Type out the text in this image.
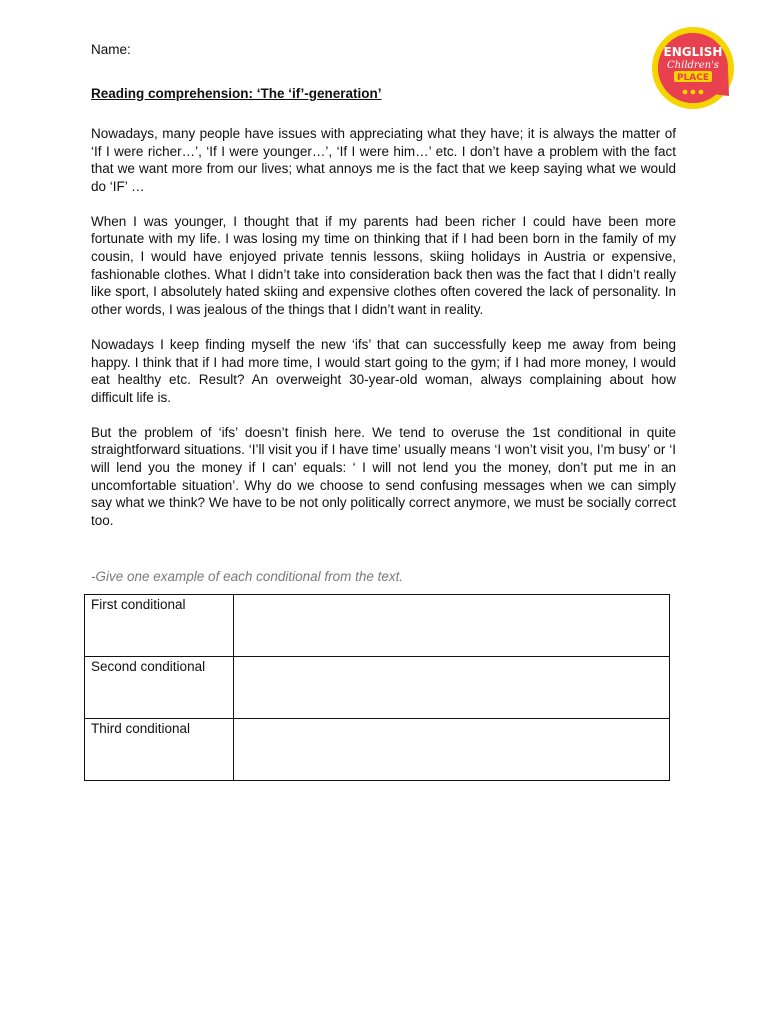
Name:
Reading comprehension: ‘The ‘if’-generation’
ENGLISH
Children's
PLACE

Nowadays, many people have issues with appreciating what they have; it is always the matter of ‘If I were richer…’, ‘If I were younger…’, ‘If I were him…’ etc. I don’t have a problem with the fact that we want more from our lives; what annoys me is the fact that we keep saying what we would do ‘IF’ …

When I was younger, I thought that if my parents had been richer I could have been more fortunate with my life. I was losing my time on thinking that if I had been born in the family of my cousin, I would have enjoyed private tennis lessons, skiing holidays in Austria or expensive, fashionable clothes. What I didn’t take into consideration back then was the fact that I didn’t really like sport, I absolutely hated skiing and expensive clothes often covered the lack of personality. In other words, I was jealous of the things that I didn’t want in reality.

Nowadays I keep finding myself the new ‘ifs’ that can successfully keep me away from being happy. I think that if I had more time, I would start going to the gym; if I had more money, I would eat healthy etc. Result? An overweight 30-year-old woman, always complaining about how difficult life is.

But the problem of ‘ifs’ doesn’t finish here. We tend to overuse the 1st conditional in quite straightforward situations. ‘I’ll visit you if I have time’ usually means ‘I won’t visit you, I’m busy’ or ‘I will lend you the money if I can’ equals: ‘ I will not lend you the money, don’t put me in an uncomfortable situation’. Why do we choose to send confusing messages when we can simply say what we think? We have to be not only politically correct anymore, we must be socially correct too.

-Give one example of each conditional from the text.
First conditional	
Second conditional	
Third conditional	
